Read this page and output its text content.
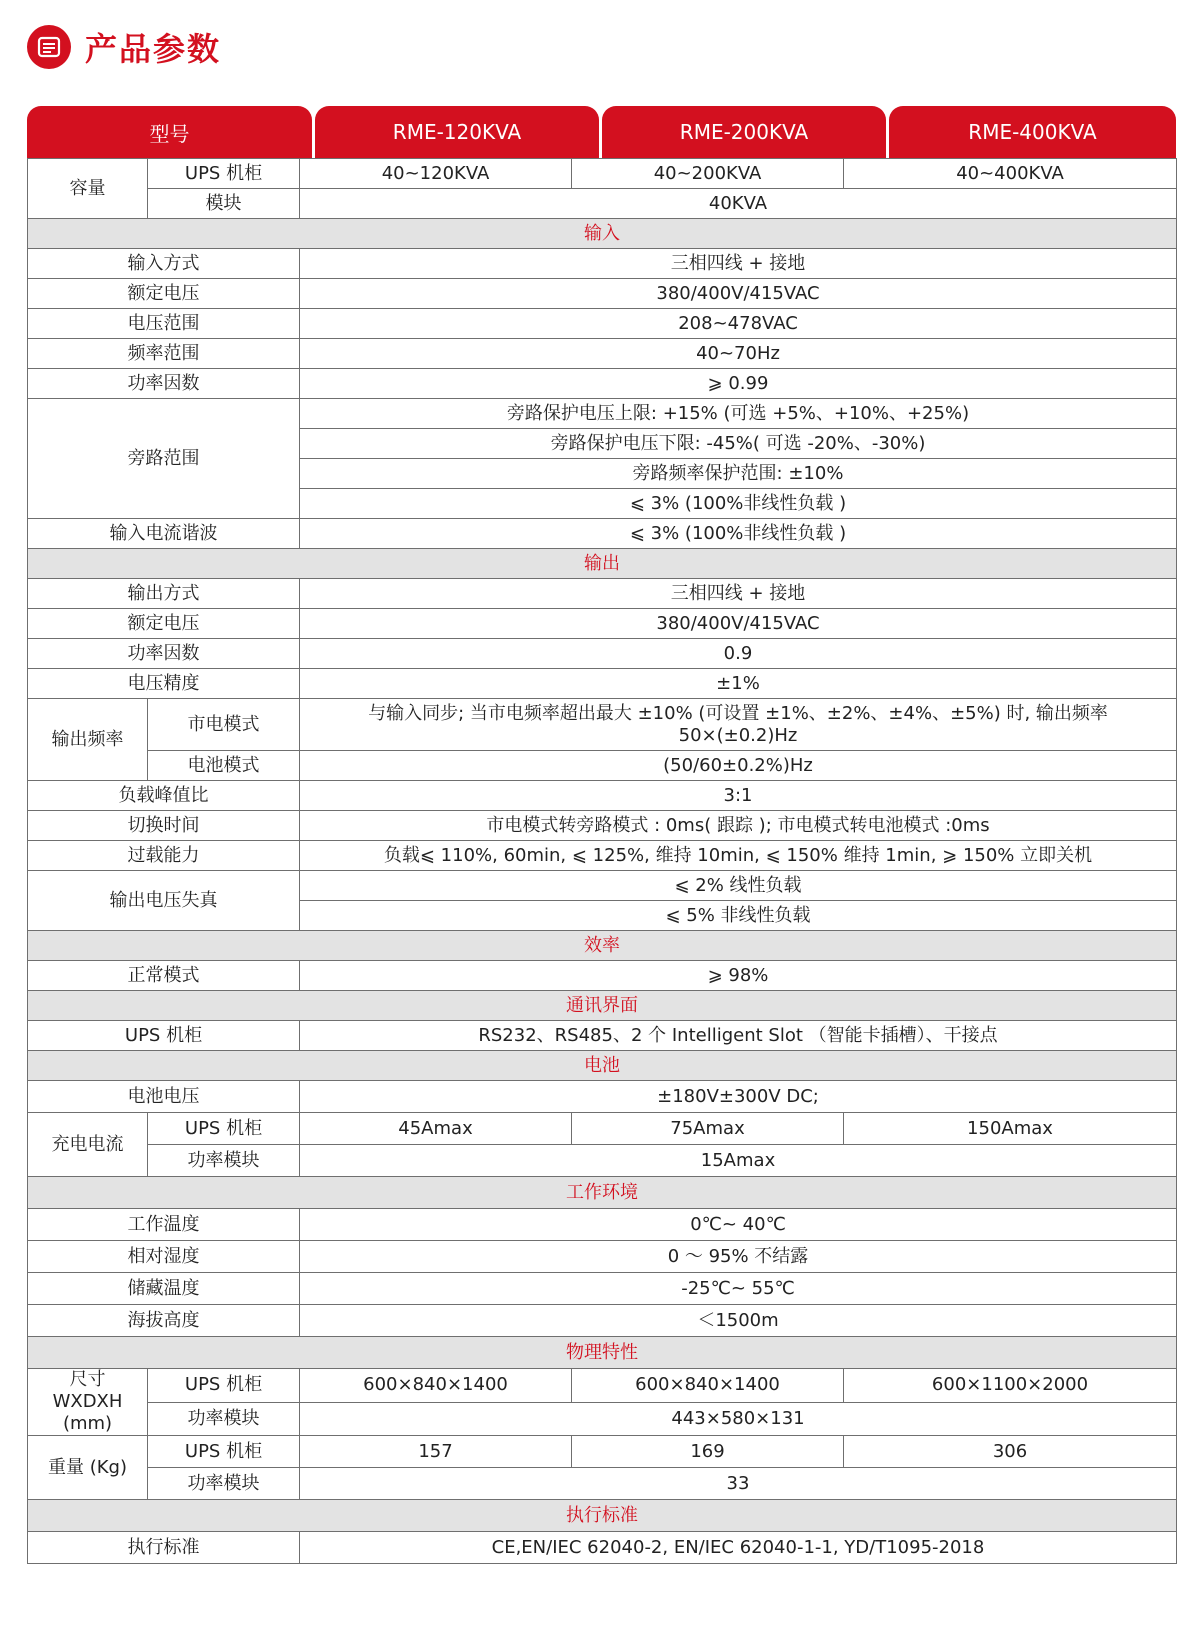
产品参数
型号	RME-120KVA	RME-200KVA	RME-400KVA
容量	UPS 机柜	40~120KVA	40~200KVA	40~400KVA
	模块	40KVA		
输入				
输入方式		三相四线 + 接地		
额定电压		380/400V/415VAC		
电压范围		208~478VAC		
频率范围		40~70Hz		
功率因数		⩾ 0.99		
旁路范围		旁路保护电压上限: +15% (可选 +5%、+10%、+25%)		
		旁路保护电压下限: -45%( 可选 -20%、-30%)		
		旁路频率保护范围: ±10%		
		⩽ 3% (100%非线性负载 )		
输入电流谐波		⩽ 3% (100%非线性负载 )		
输出				
输出方式		三相四线 + 接地		
额定电压		380/400V/415VAC		
功率因数		0.9		
电压精度		±1%		
输出频率	市电模式	与输入同步; 当市电频率超出最大 ±10% (可设置 ±1%、±2%、±4%、±5%) 时, 输出频率 50×(±0.2)Hz		
	电池模式	(50/60±0.2%)Hz		
负载峰值比		3:1		
切换时间		市电模式转旁路模式 : 0ms( 跟踪 ); 市电模式转电池模式 :0ms		
过载能力		负载⩽ 110%, 60min, ⩽ 125%, 维持 10min, ⩽ 150% 维持 1min, ⩾ 150% 立即关机		
输出电压失真		⩽ 2% 线性负载		
		⩽ 5% 非线性负载		
效率				
正常模式		⩾ 98%		
通讯界面				
UPS 机柜		RS232、RS485、2 个 Intelligent Slot （智能卡插槽）、干接点		
电池				
电池电压		±180V±300V DC;		
充电电流	UPS 机柜	45Amax	75Amax	150Amax
	功率模块	15Amax		
工作环境				
工作温度		0℃~ 40℃		
相对湿度		0 ～ 95% 不结露		
储藏温度		-25℃~ 55℃		
海拔高度		＜1500m		
物理特性				
尺寸 WXDXH (mm)	UPS 机柜	600×840×1400	600×840×1400	600×1100×2000
	功率模块	443×580×131		
重量 (Kg)	UPS 机柜	157	169	306
	功率模块	33		
执行标准				
执行标准		CE,EN/IEC 62040-2, EN/IEC 62040-1-1, YD/T1095-2018		
